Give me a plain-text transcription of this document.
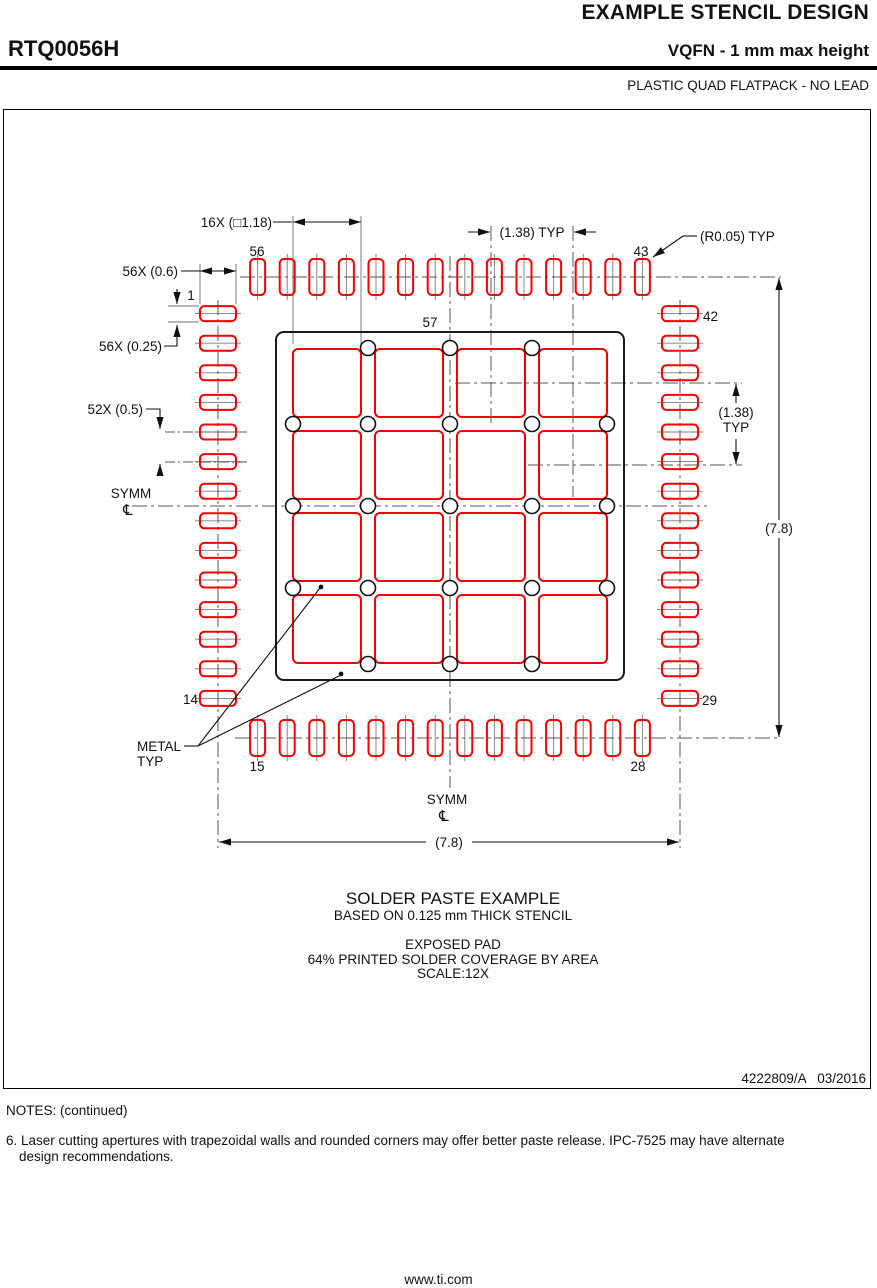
EXAMPLE STENCIL DESIGN
RTQ0056H	VQFN - 1 mm max height
PLASTIC QUAD FLATPACK - NO LEAD
16X (□1.18)
(1.38) TYP	(R0.05) TYP
56X (0.6)
1
56X (0.25)
52X (0.5)
SYMM
℄
(1.38)
TYP
(7.8)
(7.8)
METAL
TYP
SYMM
℄
56	43
57	42
14	29
15	28
SOLDER PASTE EXAMPLE
BASED ON 0.125 mm THICK STENCIL
EXPOSED PAD
64% PRINTED SOLDER COVERAGE BY AREA
SCALE:12X
4222809/A   03/2016
NOTES: (continued)
6. Laser cutting apertures with trapezoidal walls and rounded corners may offer better paste release. IPC-7525 may have alternate
design recommendations.
www.ti.com
